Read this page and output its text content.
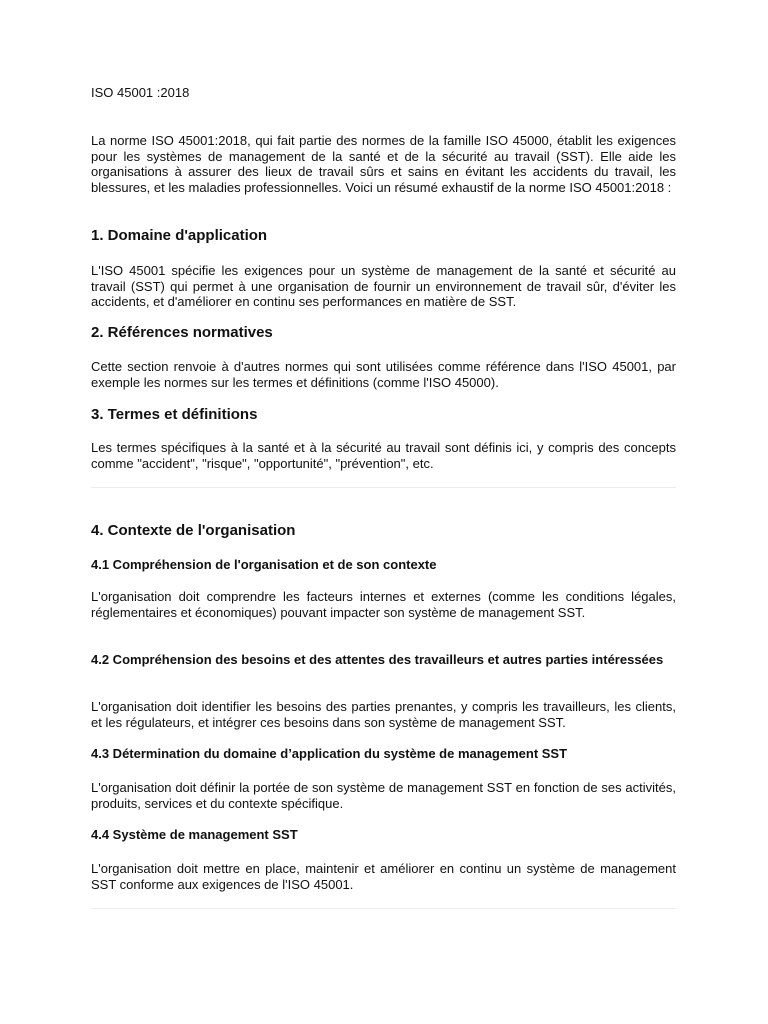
ISO 45001 :2018

La norme ISO 45001:2018, qui fait partie des normes de la famille ISO 45000, établit les exigences pour les systèmes de management de la santé et de la sécurité au travail (SST). Elle aide les organisations à assurer des lieux de travail sûrs et sains en évitant les accidents du travail, les blessures, et les maladies professionnelles. Voici un résumé exhaustif de la norme ISO 45001:2018 :

1. Domaine d'application

L'ISO 45001 spécifie les exigences pour un système de management de la santé et sécurité au travail (SST) qui permet à une organisation de fournir un environnement de travail sûr, d'éviter les accidents, et d'améliorer en continu ses performances en matière de SST.

2. Références normatives

Cette section renvoie à d'autres normes qui sont utilisées comme référence dans l'ISO 45001, par exemple les normes sur les termes et définitions (comme l'ISO 45000).

3. Termes et définitions

Les termes spécifiques à la santé et à la sécurité au travail sont définis ici, y compris des concepts comme "accident", "risque", "opportunité", "prévention", etc.

4. Contexte de l'organisation
4.1 Compréhension de l'organisation et de son contexte

L'organisation doit comprendre les facteurs internes et externes (comme les conditions légales, réglementaires et économiques) pouvant impacter son système de management SST.

4.2 Compréhension des besoins et des attentes des travailleurs et autres parties intéressées

L'organisation doit identifier les besoins des parties prenantes, y compris les travailleurs, les clients, et les régulateurs, et intégrer ces besoins dans son système de management SST.

4.3 Détermination du domaine d’application du système de management SST

L'organisation doit définir la portée de son système de management SST en fonction de ses activités, produits, services et du contexte spécifique.

4.4 Système de management SST

L'organisation doit mettre en place, maintenir et améliorer en continu un système de management SST conforme aux exigences de l'ISO 45001.
